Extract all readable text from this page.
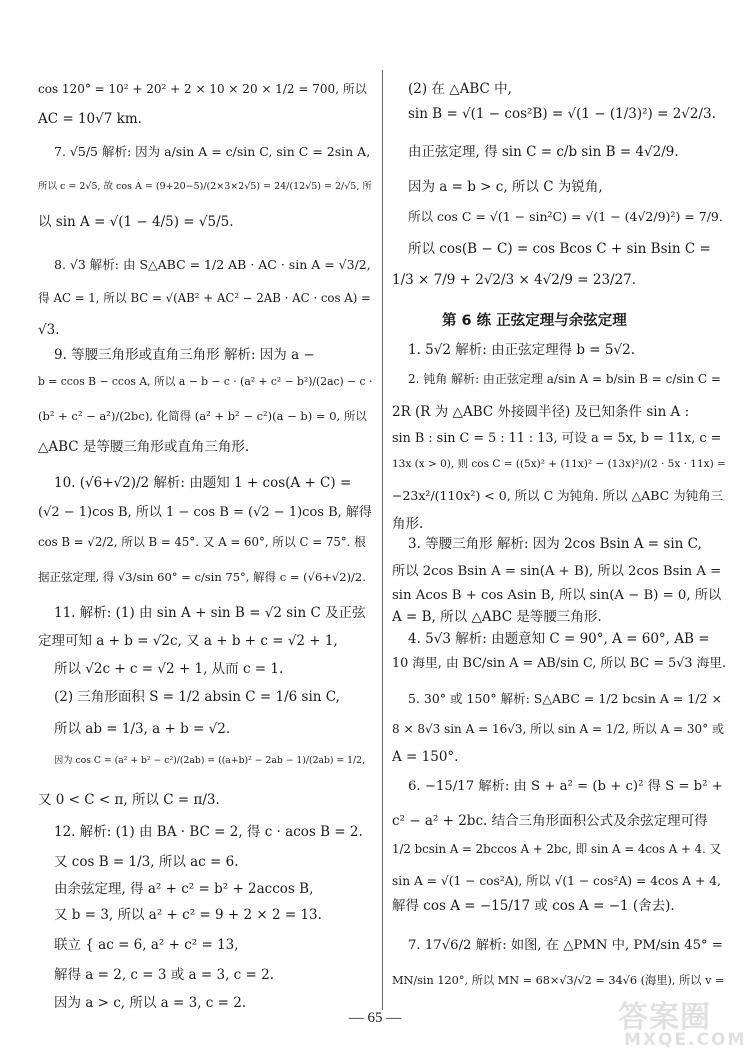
cos 120° = 10² + 20² + 2 × 10 × 20 × 1/2 = 700, 所以
AC = 10√7 km.
7. √5/5 解析: 因为 a/sin A = c/sin C, sin C = 2sin A,
所以 c = 2√5, 故 cos A = (9+20−5)/(2×3×2√5) = 24/(12√5) = 2/√5, 所
以 sin A = √(1 − 4/5) = √5/5.
8. √3 解析: 由 S△ABC = 1/2 AB · AC · sin A = √3/2,
得 AC = 1, 所以 BC = √(AB² + AC² − 2AB · AC · cos A) =
√3.
9. 等腰三角形或直角三角形 解析: 因为 a −
b = ccos B − ccos A, 所以 a − b − c · (a² + c² − b²)/(2ac) − c ·
(b² + c² − a²)/(2bc), 化简得 (a² + b² − c²)(a − b) = 0, 所以
△ABC 是等腰三角形或直角三角形.
10. (√6+√2)/2 解析: 由题知 1 + cos(A + C) =
(√2 − 1)cos B, 所以 1 − cos B = (√2 − 1)cos B, 解得
cos B = √2/2, 所以 B = 45°. 又 A = 60°, 所以 C = 75°. 根
据正弦定理, 得 √3/sin 60° = c/sin 75°, 解得 c = (√6+√2)/2.
11. 解析: (1) 由 sin A + sin B = √2 sin C 及正弦
定理可知 a + b = √2c, 又 a + b + c = √2 + 1,
所以 √2c + c = √2 + 1, 从而 c = 1.
(2) 三角形面积 S = 1/2 absin C = 1/6 sin C,
所以 ab = 1/3, a + b = √2.
因为 cos C = (a² + b² − c²)/(2ab) = ((a+b)² − 2ab − 1)/(2ab) = 1/2,
又 0 < C < π, 所以 C = π/3.
12. 解析: (1) 由 BA · BC = 2, 得 c · acos B = 2.
又 cos B = 1/3, 所以 ac = 6.
由余弦定理, 得 a² + c² = b² + 2accos B,
又 b = 3, 所以 a² + c² = 9 + 2 × 2 = 13.
联立 { ac = 6, a² + c² = 13,
解得 a = 2, c = 3 或 a = 3, c = 2.
因为 a > c, 所以 a = 3, c = 2.
(2) 在 △ABC 中,
sin B = √(1 − cos²B) = √(1 − (1/3)²) = 2√2/3.
由正弦定理, 得 sin C = c/b sin B = 4√2/9.
因为 a = b > c, 所以 C 为锐角,
所以 cos C = √(1 − sin²C) = √(1 − (4√2/9)²) = 7/9.
所以 cos(B − C) = cos Bcos C + sin Bsin C =
1/3 × 7/9 + 2√2/3 × 4√2/9 = 23/27.
第 6 练 正弦定理与余弦定理
1. 5√2 解析: 由正弦定理得 b = 5√2.
2. 钝角 解析: 由正弦定理 a/sin A = b/sin B = c/sin C =
2R (R 为 △ABC 外接圆半径) 及已知条件 sin A :
sin B : sin C = 5 : 11 : 13, 可设 a = 5x, b = 11x, c =
13x (x > 0), 则 cos C = ((5x)² + (11x)² − (13x)²)/(2 · 5x · 11x) =
−23x²/(110x²) < 0, 所以 C 为钝角. 所以 △ABC 为钝角三
角形.
3. 等腰三角形 解析: 因为 2cos Bsin A = sin C,
所以 2cos Bsin A = sin(A + B), 所以 2cos Bsin A =
sin Acos B + cos Asin B, 所以 sin(A − B) = 0, 所以
A = B, 所以 △ABC 是等腰三角形.
4. 5√3 解析: 由题意知 C = 90°, A = 60°, AB =
10 海里, 由 BC/sin A = AB/sin C, 所以 BC = 5√3 海里.
5. 30° 或 150° 解析: S△ABC = 1/2 bcsin A = 1/2 ×
8 × 8√3 sin A = 16√3, 所以 sin A = 1/2, 所以 A = 30° 或
A = 150°.
6. −15/17 解析: 由 S + a² = (b + c)² 得 S = b² +
c² − a² + 2bc. 结合三角形面积公式及余弦定理可得
1/2 bcsin A = 2bccos A + 2bc, 即 sin A = 4cos A + 4. 又
sin A = √(1 − cos²A), 所以 √(1 − cos²A) = 4cos A + 4,
解得 cos A = −15/17 或 cos A = −1 (舍去).
7. 17√6/2 解析: 如图, 在 △PMN 中, PM/sin 45° =
MN/sin 120°, 所以 MN = 68×√3/√2 = 34√6 (海里), 所以 v =
— 65 —	答案圈
MXQE.COM
